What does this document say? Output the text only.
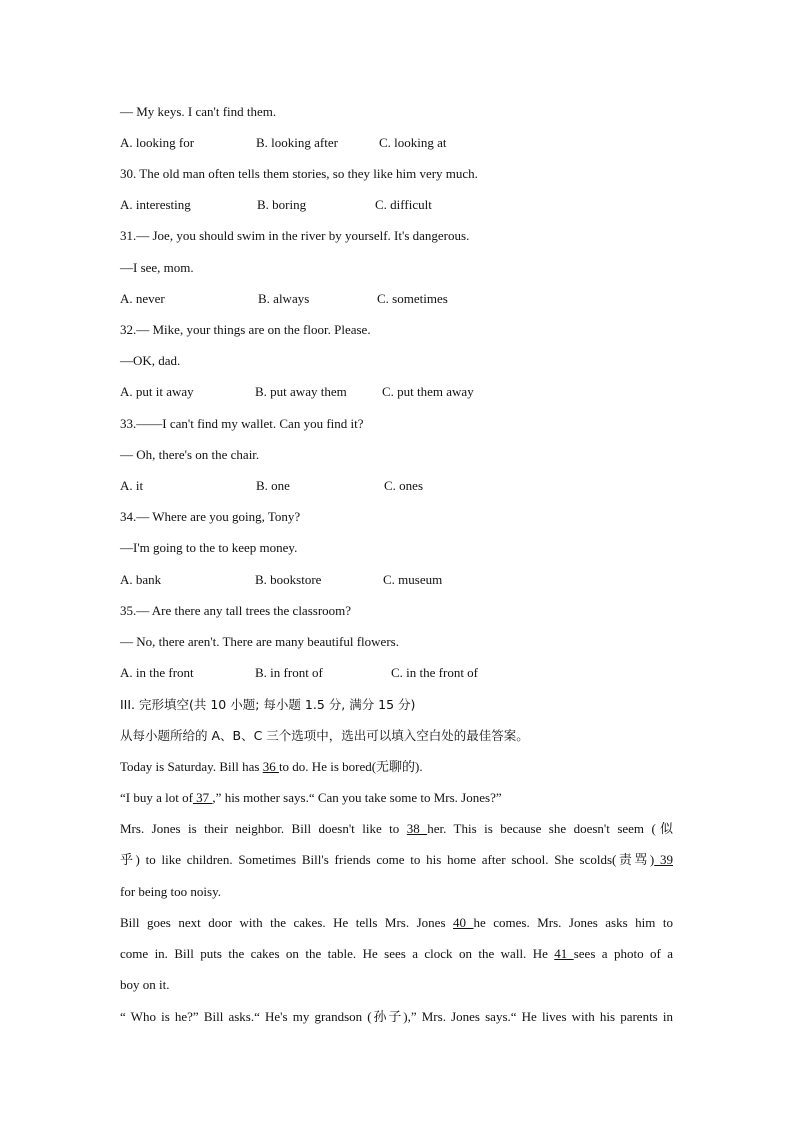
— My keys. I can't find them.
A. looking for	B. looking after	C. looking at
30. The old man often tells them stories, so they like him very much.
A. interesting	B. boring	C. difficult
31.— Joe, you should swim in the river by yourself. It's dangerous.
—I see, mom.
A. never	B. always	C. sometimes
32.— Mike, your things are on the floor. Please.
—OK, dad.
A. put it away	B. put away them	C. put them away
33.——I can't find my wallet. Can you find it?
— Oh, there's on the chair.
A. it	B. one	C. ones
34.— Where are you going, Tony?
—I'm going to the to keep money.
A. bank	B. bookstore	C. museum
35.— Are there any tall trees the classroom?
— No, there aren't. There are many beautiful flowers.
A. in the front	B. in front of	C. in the front of
III. 完形填空(共 10 小题; 每小题 1.5 分, 满分 15 分)
从每小题所给的 A、B、C 三个选项中，选出可以填入空白处的最佳答案。
Today is Saturday. Bill has 36 to do. He is bored(无聊的).
“I buy a lot of 37 ,” his mother says.“ Can you take some to Mrs. Jones?”
Mrs. Jones is their neighbor. Bill doesn't like to 38 her. This is because she doesn't seem (似
乎) to like children. Sometimes Bill's friends come to his home after school. She scolds(责骂) 39
for being too noisy.
Bill goes next door with the cakes. He tells Mrs. Jones 40 he comes. Mrs. Jones asks him to
come in. Bill puts the cakes on the table. He sees a clock on the wall. He 41 sees a photo of a
boy on it.
“ Who is he?” Bill asks.“ He's my grandson (孙子),” Mrs. Jones says.“ He lives with his parents in
